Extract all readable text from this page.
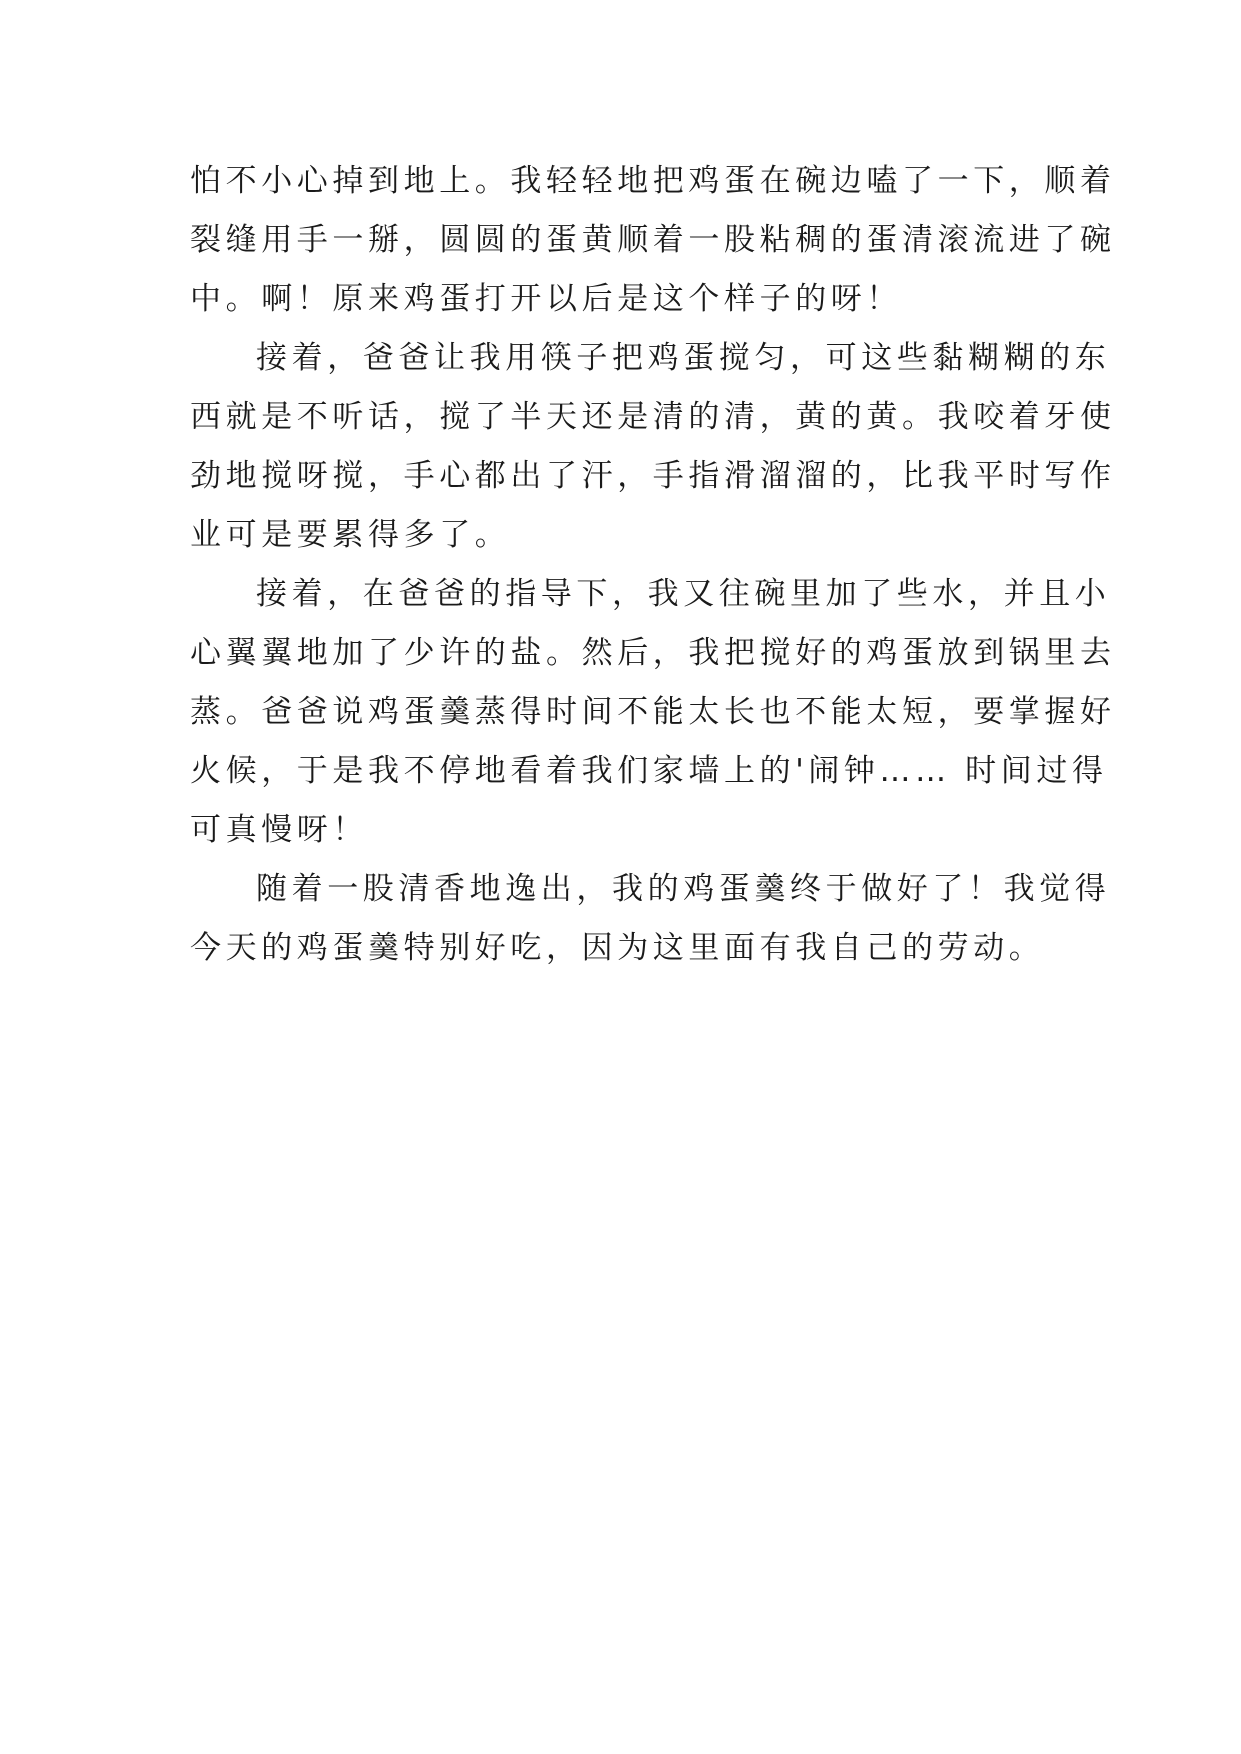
怕不小心掉到地上。我轻轻地把鸡蛋在碗边嗑了一下，顺着
裂缝用手一掰，圆圆的蛋黄顺着一股粘稠的蛋清滚流进了碗
中。啊！原来鸡蛋打开以后是这个样子的呀！
接着，爸爸让我用筷子把鸡蛋搅匀，可这些黏糊糊的东
西就是不听话，搅了半天还是清的清，黄的黄。我咬着牙使
劲地搅呀搅，手心都出了汗，手指滑溜溜的，比我平时写作
业可是要累得多了。
接着，在爸爸的指导下，我又往碗里加了些水，并且小
心翼翼地加了少许的盐。然后，我把搅好的鸡蛋放到锅里去
蒸。爸爸说鸡蛋羹蒸得时间不能太长也不能太短，要掌握好
火候，于是我不停地看着我们家墙上的'闹钟…… 时间过得
可真慢呀！
随着一股清香地逸出，我的鸡蛋羹终于做好了！我觉得
今天的鸡蛋羹特别好吃，因为这里面有我自己的劳动。
